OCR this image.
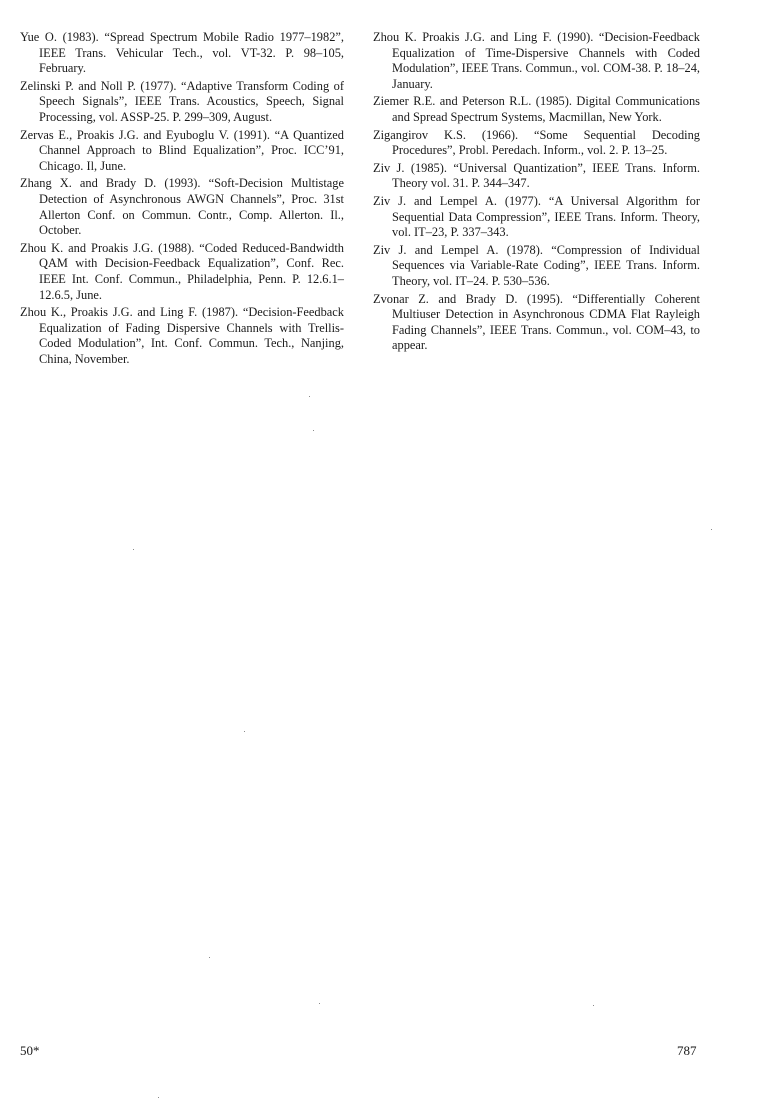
Yue O. (1983). “Spread Spectrum Mobile Radio 1977–1982”, IEEE Trans. Vehicular Tech., vol. VT-32. P. 98–105, February.

Zelinski P. and Noll P. (1977). “Adaptive Transform Coding of Speech Signals”, IEEE Trans. Acoustics, Speech, Signal Processing, vol. ASSP-25. P. 299–309, August.

Zervas E., Proakis J.G. and Eyuboglu V. (1991). “A Quantized Channel Approach to Blind Equalization”, Proc. ICC’91, Chicago. Il, June.

Zhang X. and Brady D. (1993). “Soft-Decision Multistage Detection of Asynchronous AWGN Channels”, Proc. 31st Allerton Conf. on Commun. Contr., Comp. Allerton. Il., October.

Zhou K. and Proakis J.G. (1988). “Coded Reduced-Bandwidth QAM with Decision-Feedback Equalization”, Conf. Rec. IEEE Int. Conf. Commun., Philadelphia, Penn. P. 12.6.1–12.6.5, June.

Zhou K., Proakis J.G. and Ling F. (1987). “Decision-Feedback Equalization of Fading Dispersive Channels with Trellis-Coded Modulation”, Int. Conf. Commun. Tech., Nanjing, China, November.

Zhou K. Proakis J.G. and Ling F. (1990). “Decision-Feedback Equalization of Time-Dispersive Channels with Coded Modulation”, IEEE Trans. Commun., vol. COM-38. P. 18–24, January.

Ziemer R.E. and Peterson R.L. (1985). Digital Communications and Spread Spectrum Systems, Macmillan, New York.

Zigangirov K.S. (1966). “Some Sequential Decoding Procedures”, Probl. Peredach. Inform., vol. 2. P. 13–25.

Ziv J. (1985). “Universal Quantization”, IEEE Trans. Inform. Theory vol. 31. P. 344–347.

Ziv J. and Lempel A. (1977). “A Universal Algorithm for Sequential Data Compression”, IEEE Trans. Inform. Theory, vol. IT–23, P. 337–343.

Ziv J. and Lempel A. (1978). “Compression of Individual Sequences via Variable-Rate Coding”, IEEE Trans. Inform. Theory, vol. IT–24. P. 530–536.

Zvonar Z. and Brady D. (1995). “Differentially Coherent Multiuser Detection in Asynchronous CDMA Flat Rayleigh Fading Channels”, IEEE Trans. Commun., vol. COM–43, to appear.

50*	787
